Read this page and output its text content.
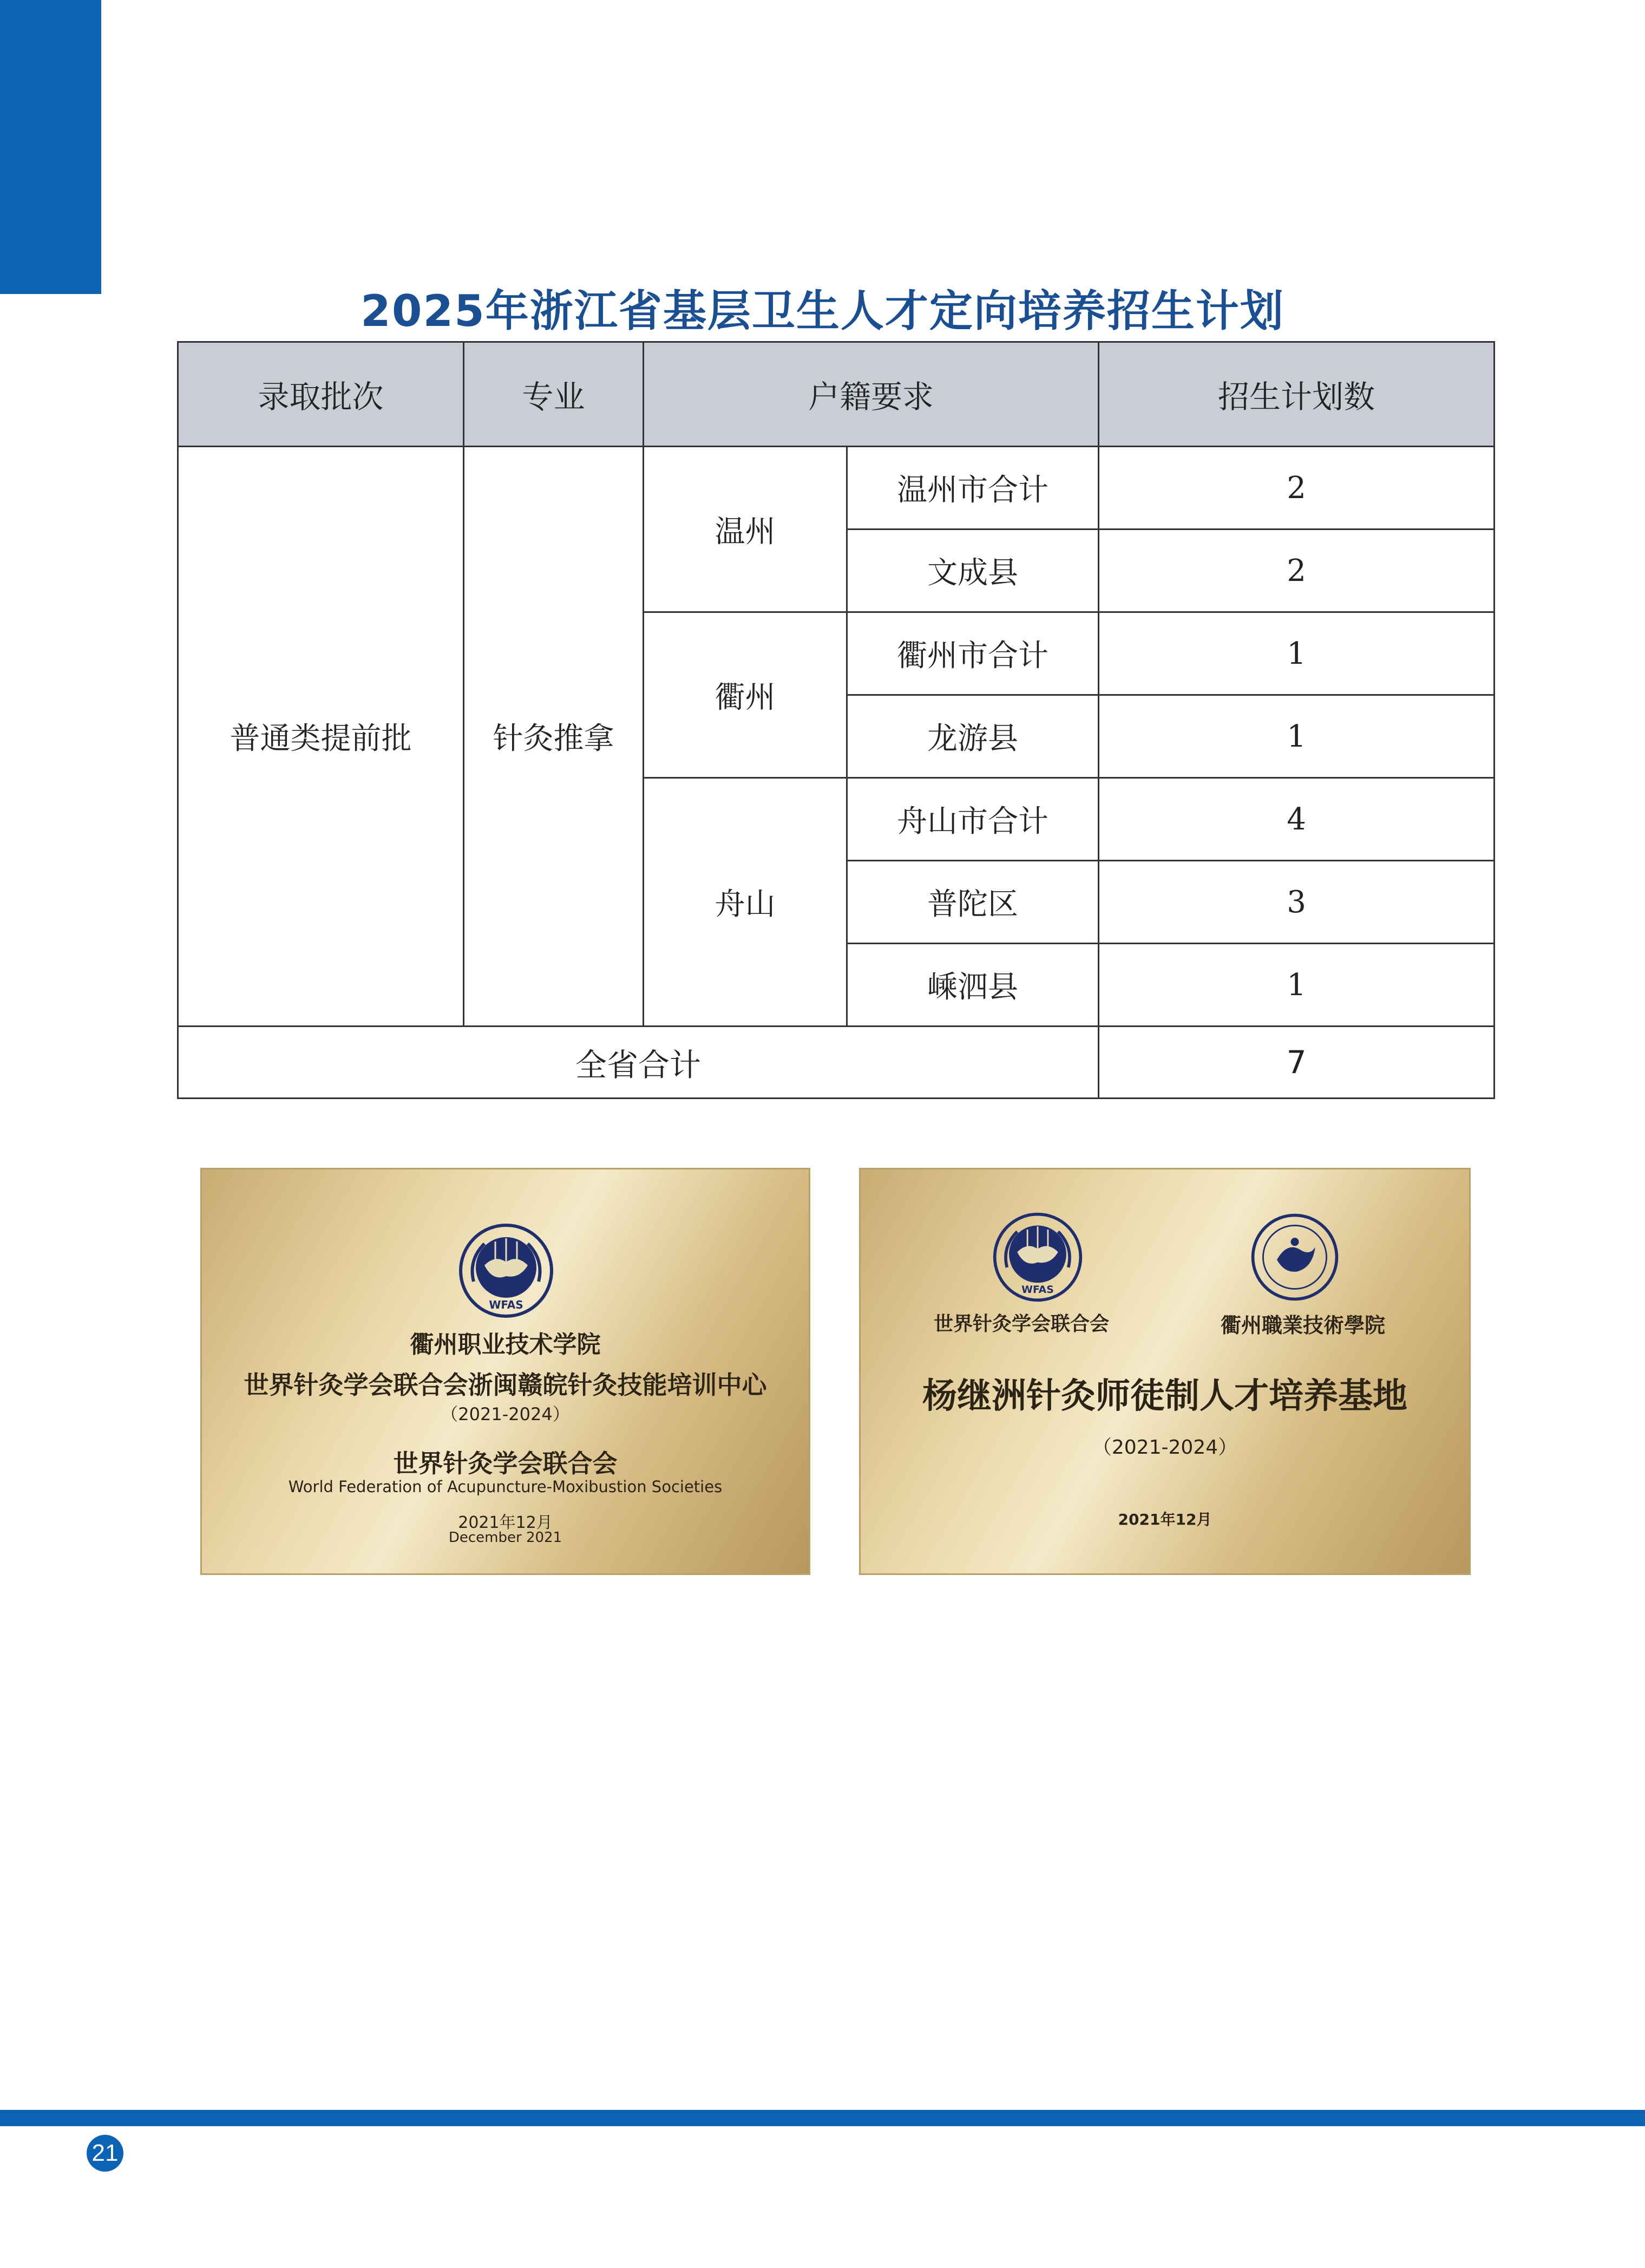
2025年浙江省基层卫生人才定向培养招生计划
录取批次	专业	户籍要求		招生计划数
普通类提前批	针灸推拿	温州	温州市合计	2
			文成县	2
		衢州	衢州市合计	1
			龙游县	1
		舟山	舟山市合计	4
			普陀区	3
			嵊泗县	1
全省合计				7
WFAS
衢州职业技术学院
世界针灸学会联合会浙闽赣皖针灸技能培训中心
（2021-2024）
世界针灸学会联合会
World Federation of Acupuncture-Moxibustion Societies
2021年12月
December 2021
WFAS
世界针灸学会联合会	衢州職業技術學院
杨继洲针灸师徒制人才培养基地
（2021-2024）
2021年12月
21
